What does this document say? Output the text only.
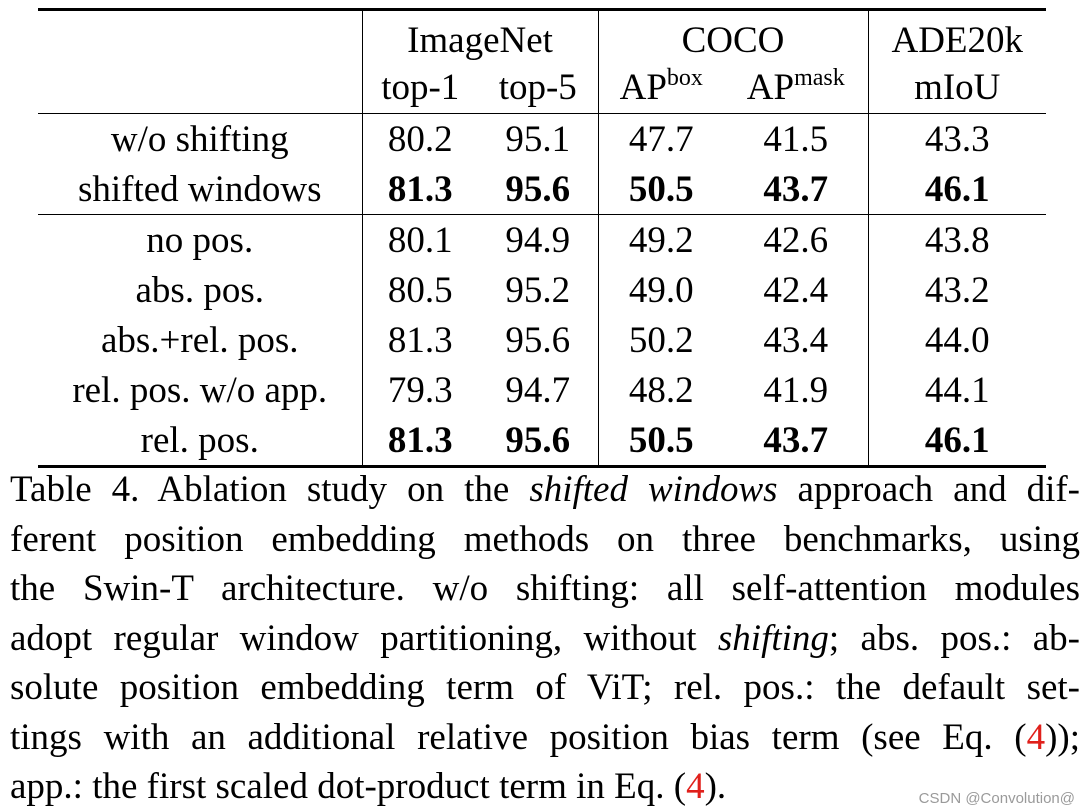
	ImageNet		COCO		ADE20k
	top-1	top-5	$AP^{box}$	$AP^{mask}$	mIoU
w/o shifting	80.2	95.1	47.7	41.5	43.3
shifted windows	81.3	95.6	50.5	43.7	46.1
no pos.	80.1	94.9	49.2	42.6	43.8
abs. pos.	80.5	95.2	49.0	42.4	43.2
abs.+rel. pos.	81.3	95.6	50.2	43.4	44.0
rel. pos. w/o app.	79.3	94.7	48.2	41.9	44.1
rel. pos.	81.3	95.6	50.5	43.7	46.1

Table 4. Ablation study on the shifted windows approach and dif-
ferent position embedding methods on three benchmarks, using
the Swin-T architecture. w/o shifting: all self-attention modules
adopt regular window partitioning, without shifting; abs. pos.: ab-
solute position embedding term of ViT; rel. pos.: the default set-
tings with an additional relative position bias term (see Eq. (4));
app.: the first scaled dot-product term in Eq. (4).	CSDN @Convolution@
